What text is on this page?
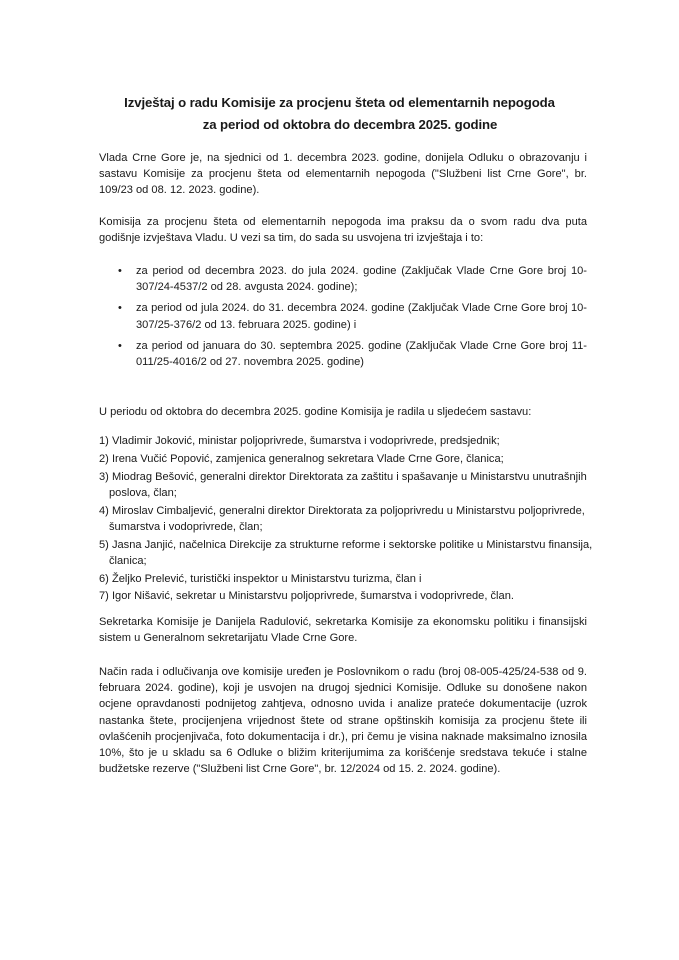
Izvještaj o radu Komisije za procjenu šteta od elementarnih nepogoda
za period od oktobra do decembra 2025. godine
Vlada Crne Gore je, na sjednici od 1. decembra 2023. godine, donijela Odluku o obrazovanju i sastavu Komisije za procjenu šteta od elementarnih nepogoda ("Službeni list Crne Gore", br. 109/23 od 08. 12. 2023. godine).
Komisija za procjenu šteta od elementarnih nepogoda ima praksu da o svom radu dva puta godišnje izvještava Vladu. U vezi sa tim, do sada su usvojena tri izvještaja i to:
• za period od decembra 2023. do jula 2024. godine (Zaključak Vlade Crne Gore broj 10-307/24-4537/2 od 28. avgusta 2024. godine);
• za period od jula 2024. do 31. decembra 2024. godine (Zaključak Vlade Crne Gore broj 10-307/25-376/2 od 13. februara 2025. godine) i
• za period od januara do 30. septembra 2025. godine (Zaključak Vlade Crne Gore broj 11-011/25-4016/2 od 27. novembra 2025. godine)
U periodu od oktobra do decembra 2025. godine Komisija je radila u sljedećem sastavu:
1) Vladimir Joković, ministar poljoprivrede, šumarstva i vodoprivrede, predsjednik;
2) Irena Vučić Popović, zamjenica generalnog sekretara Vlade Crne Gore, članica;
3) Miodrag Bešović, generalni direktor Direktorata za zaštitu i spašavanje u Ministarstvu unutrašnjih poslova, član;
4) Miroslav Cimbaljević, generalni direktor Direktorata za poljoprivredu u Ministarstvu poljoprivrede, šumarstva i vodoprivrede, član;
5) Jasna Janjić, načelnica Direkcije za strukturne reforme i sektorske politike u Ministarstvu finansija, članica;
6) Željko Prelević, turistički inspektor u Ministarstvu turizma, član i
7) Igor Nišavić, sekretar u Ministarstvu poljoprivrede, šumarstva i vodoprivrede, član.
Sekretarka Komisije je Danijela Radulović, sekretarka Komisije za ekonomsku politiku i finansijski sistem u Generalnom sekretarijatu Vlade Crne Gore.
Način rada i odlučivanja ove komisije uređen je Poslovnikom o radu (broj 08-005-425/24-538 od 9. februara 2024. godine), koji je usvojen na drugoj sjednici Komisije. Odluke su donošene nakon ocjene opravdanosti podnijetog zahtjeva, odnosno uvida i analize prateće dokumentacije (uzrok nastanka štete, procijenjena vrijednost štete od strane opštinskih komisija za procjenu štete ili ovlašćenih procjenjivača, foto dokumentacija i dr.), pri čemu je visina naknade maksimalno iznosila 10%, što je u skladu sa 6 Odluke o bližim kriterijumima za korišćenje sredstava tekuće i stalne budžetske rezerve ("Službeni list Crne Gore", br. 12/2024 od 15. 2. 2024. godine).
